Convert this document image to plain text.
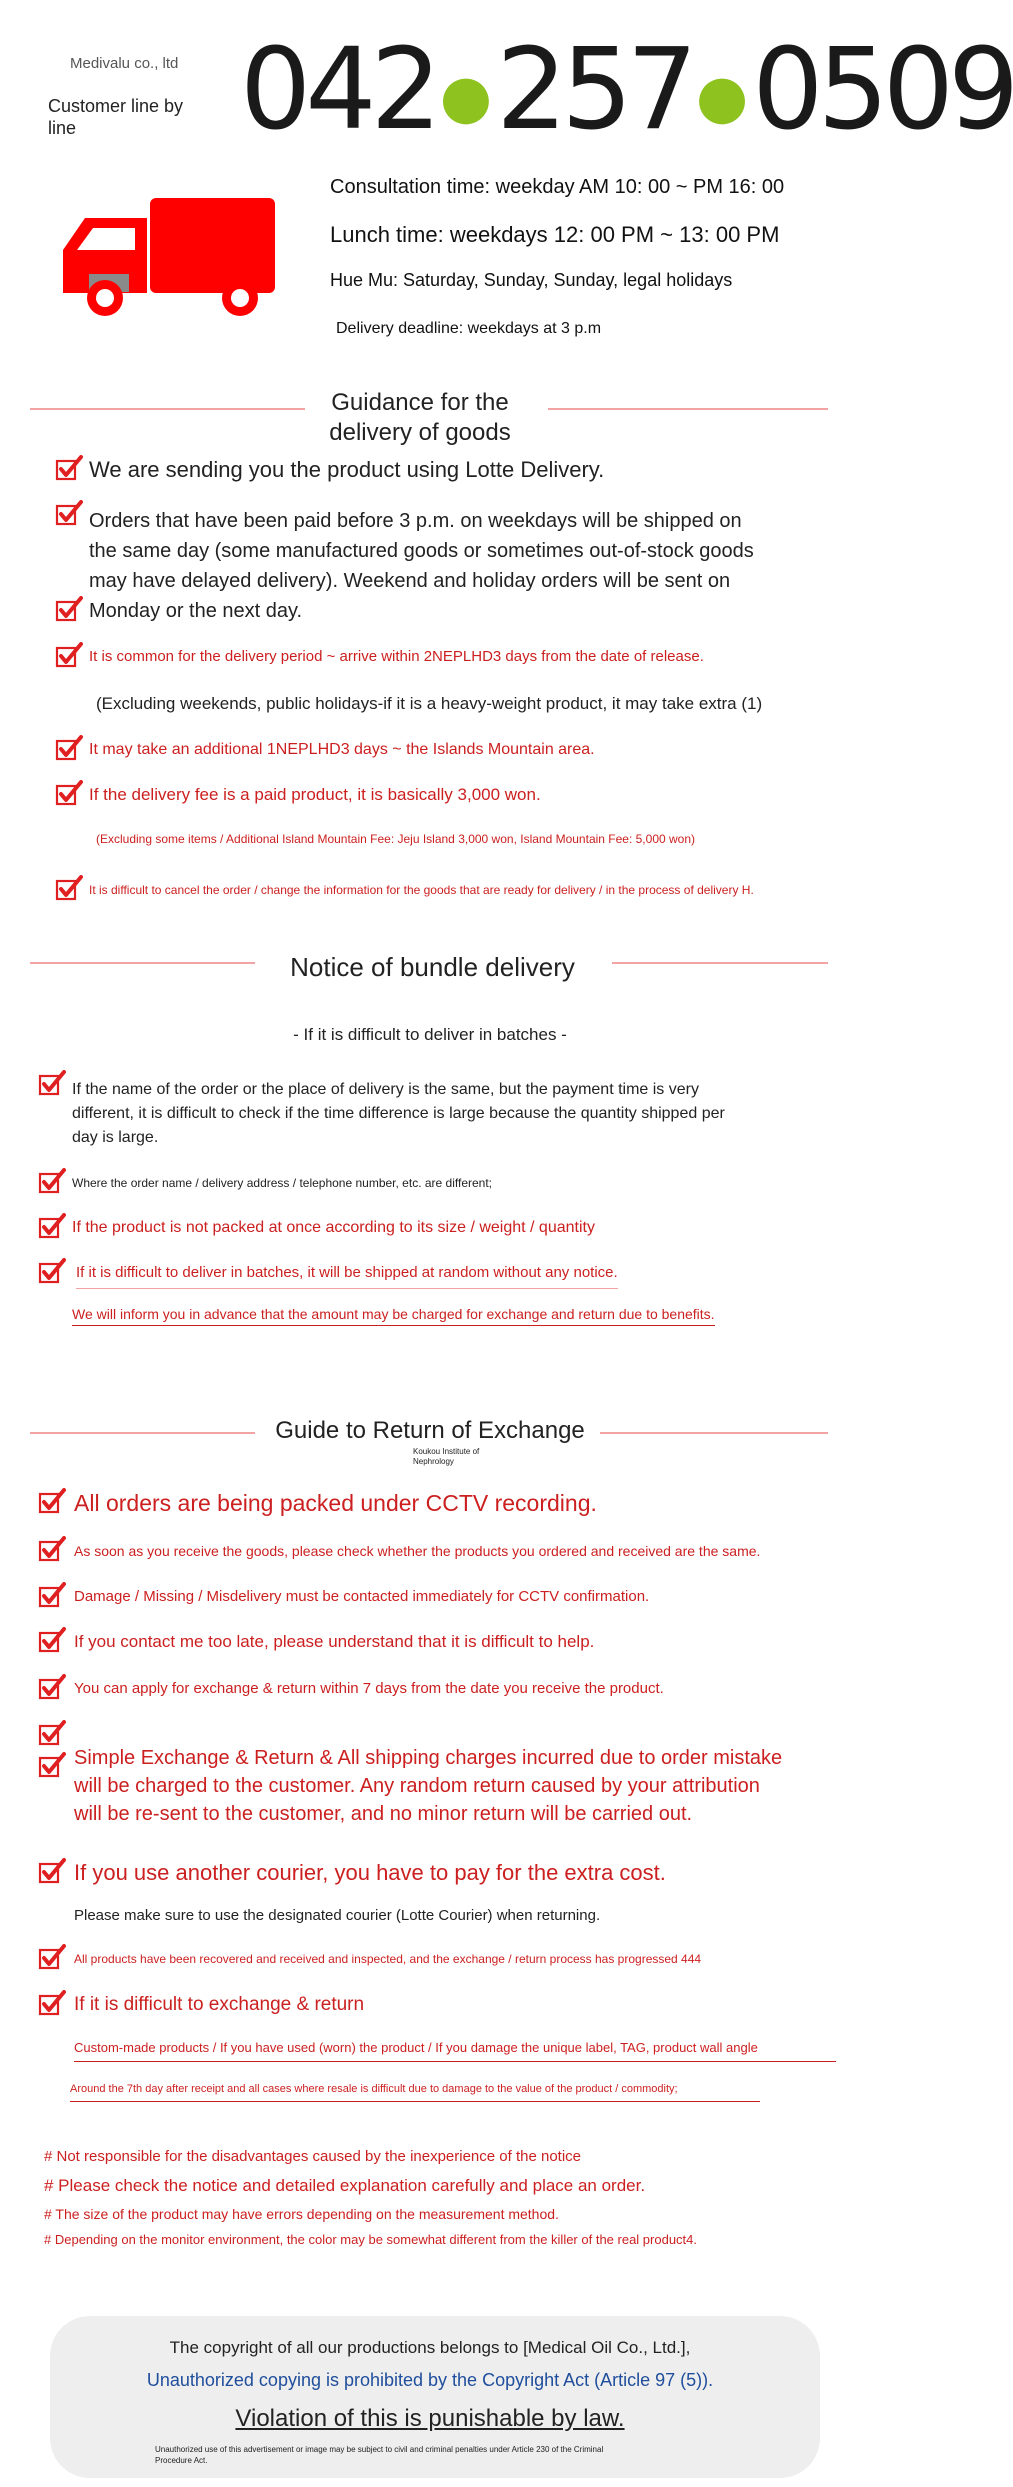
Medivalu co., ltd
Customer line by line	042●257●0509
Consultation time: weekday AM 10: 00 ~ PM 16: 00
Lunch time: weekdays 12: 00 PM ~ 13: 00 PM
Hue Mu: Saturday, Sunday, Sunday, legal holidays
Delivery deadline: weekdays at 3 p.m
Guidance for the
delivery of goods
We are sending you the product using Lotte Delivery.
Orders that have been paid before 3 p.m. on weekdays will be shipped on
the same day (some manufactured goods or sometimes out-of-stock goods
may have delayed delivery). Weekend and holiday orders will be sent on
Monday or the next day.
It is common for the delivery period ~ arrive within 2NEPLHD3 days from the date of release.
(Excluding weekends, public holidays-if it is a heavy-weight product, it may take extra (1)
It may take an additional 1NEPLHD3 days ~ the Islands Mountain area.
If the delivery fee is a paid product, it is basically 3,000 won.
(Excluding some items / Additional Island Mountain Fee: Jeju Island 3,000 won, Island Mountain Fee: 5,000 won)
It is difficult to cancel the order / change the information for the goods that are ready for delivery / in the process of delivery H.
Notice of bundle delivery
- If it is difficult to deliver in batches -
If the name of the order or the place of delivery is the same, but the payment time is very
different, it is difficult to check if the time difference is large because the quantity shipped per
day is large.
Where the order name / delivery address / telephone number, etc. are different;
If the product is not packed at once according to its size / weight / quantity
If it is difficult to deliver in batches, it will be shipped at random without any notice.
We will inform you in advance that the amount may be charged for exchange and return due to benefits.
Guide to Return of Exchange
Koukou Institute of
Nephrology
All orders are being packed under CCTV recording.
As soon as you receive the goods, please check whether the products you ordered and received are the same.
Damage / Missing / Misdelivery must be contacted immediately for CCTV confirmation.
If you contact me too late, please understand that it is difficult to help.
You can apply for exchange & return within 7 days from the date you receive the product.
Simple Exchange & Return & All shipping charges incurred due to order mistake
will be charged to the customer. Any random return caused by your attribution
will be re-sent to the customer, and no minor return will be carried out.
If you use another courier, you have to pay for the extra cost.
Please make sure to use the designated courier (Lotte Courier) when returning.
All products have been recovered and received and inspected, and the exchange / return process has progressed 444
If it is difficult to exchange & return
Custom-made products / If you have used (worn) the product / If you damage the unique label, TAG, product wall angle
Around the 7th day after receipt and all cases where resale is difficult due to damage to the value of the product / commodity;
# Not responsible for the disadvantages caused by the inexperience of the notice
# Please check the notice and detailed explanation carefully and place an order.
# The size of the product may have errors depending on the measurement method.
# Depending on the monitor environment, the color may be somewhat different from the killer of the real product4.
The copyright of all our productions belongs to [Medical Oil Co., Ltd.],
Unauthorized copying is prohibited by the Copyright Act (Article 97 (5)).
Violation of this is punishable by law.
Unauthorized use of this advertisement or image may be subject to civil and criminal penalties under Article 230 of the Criminal
Procedure Act.
